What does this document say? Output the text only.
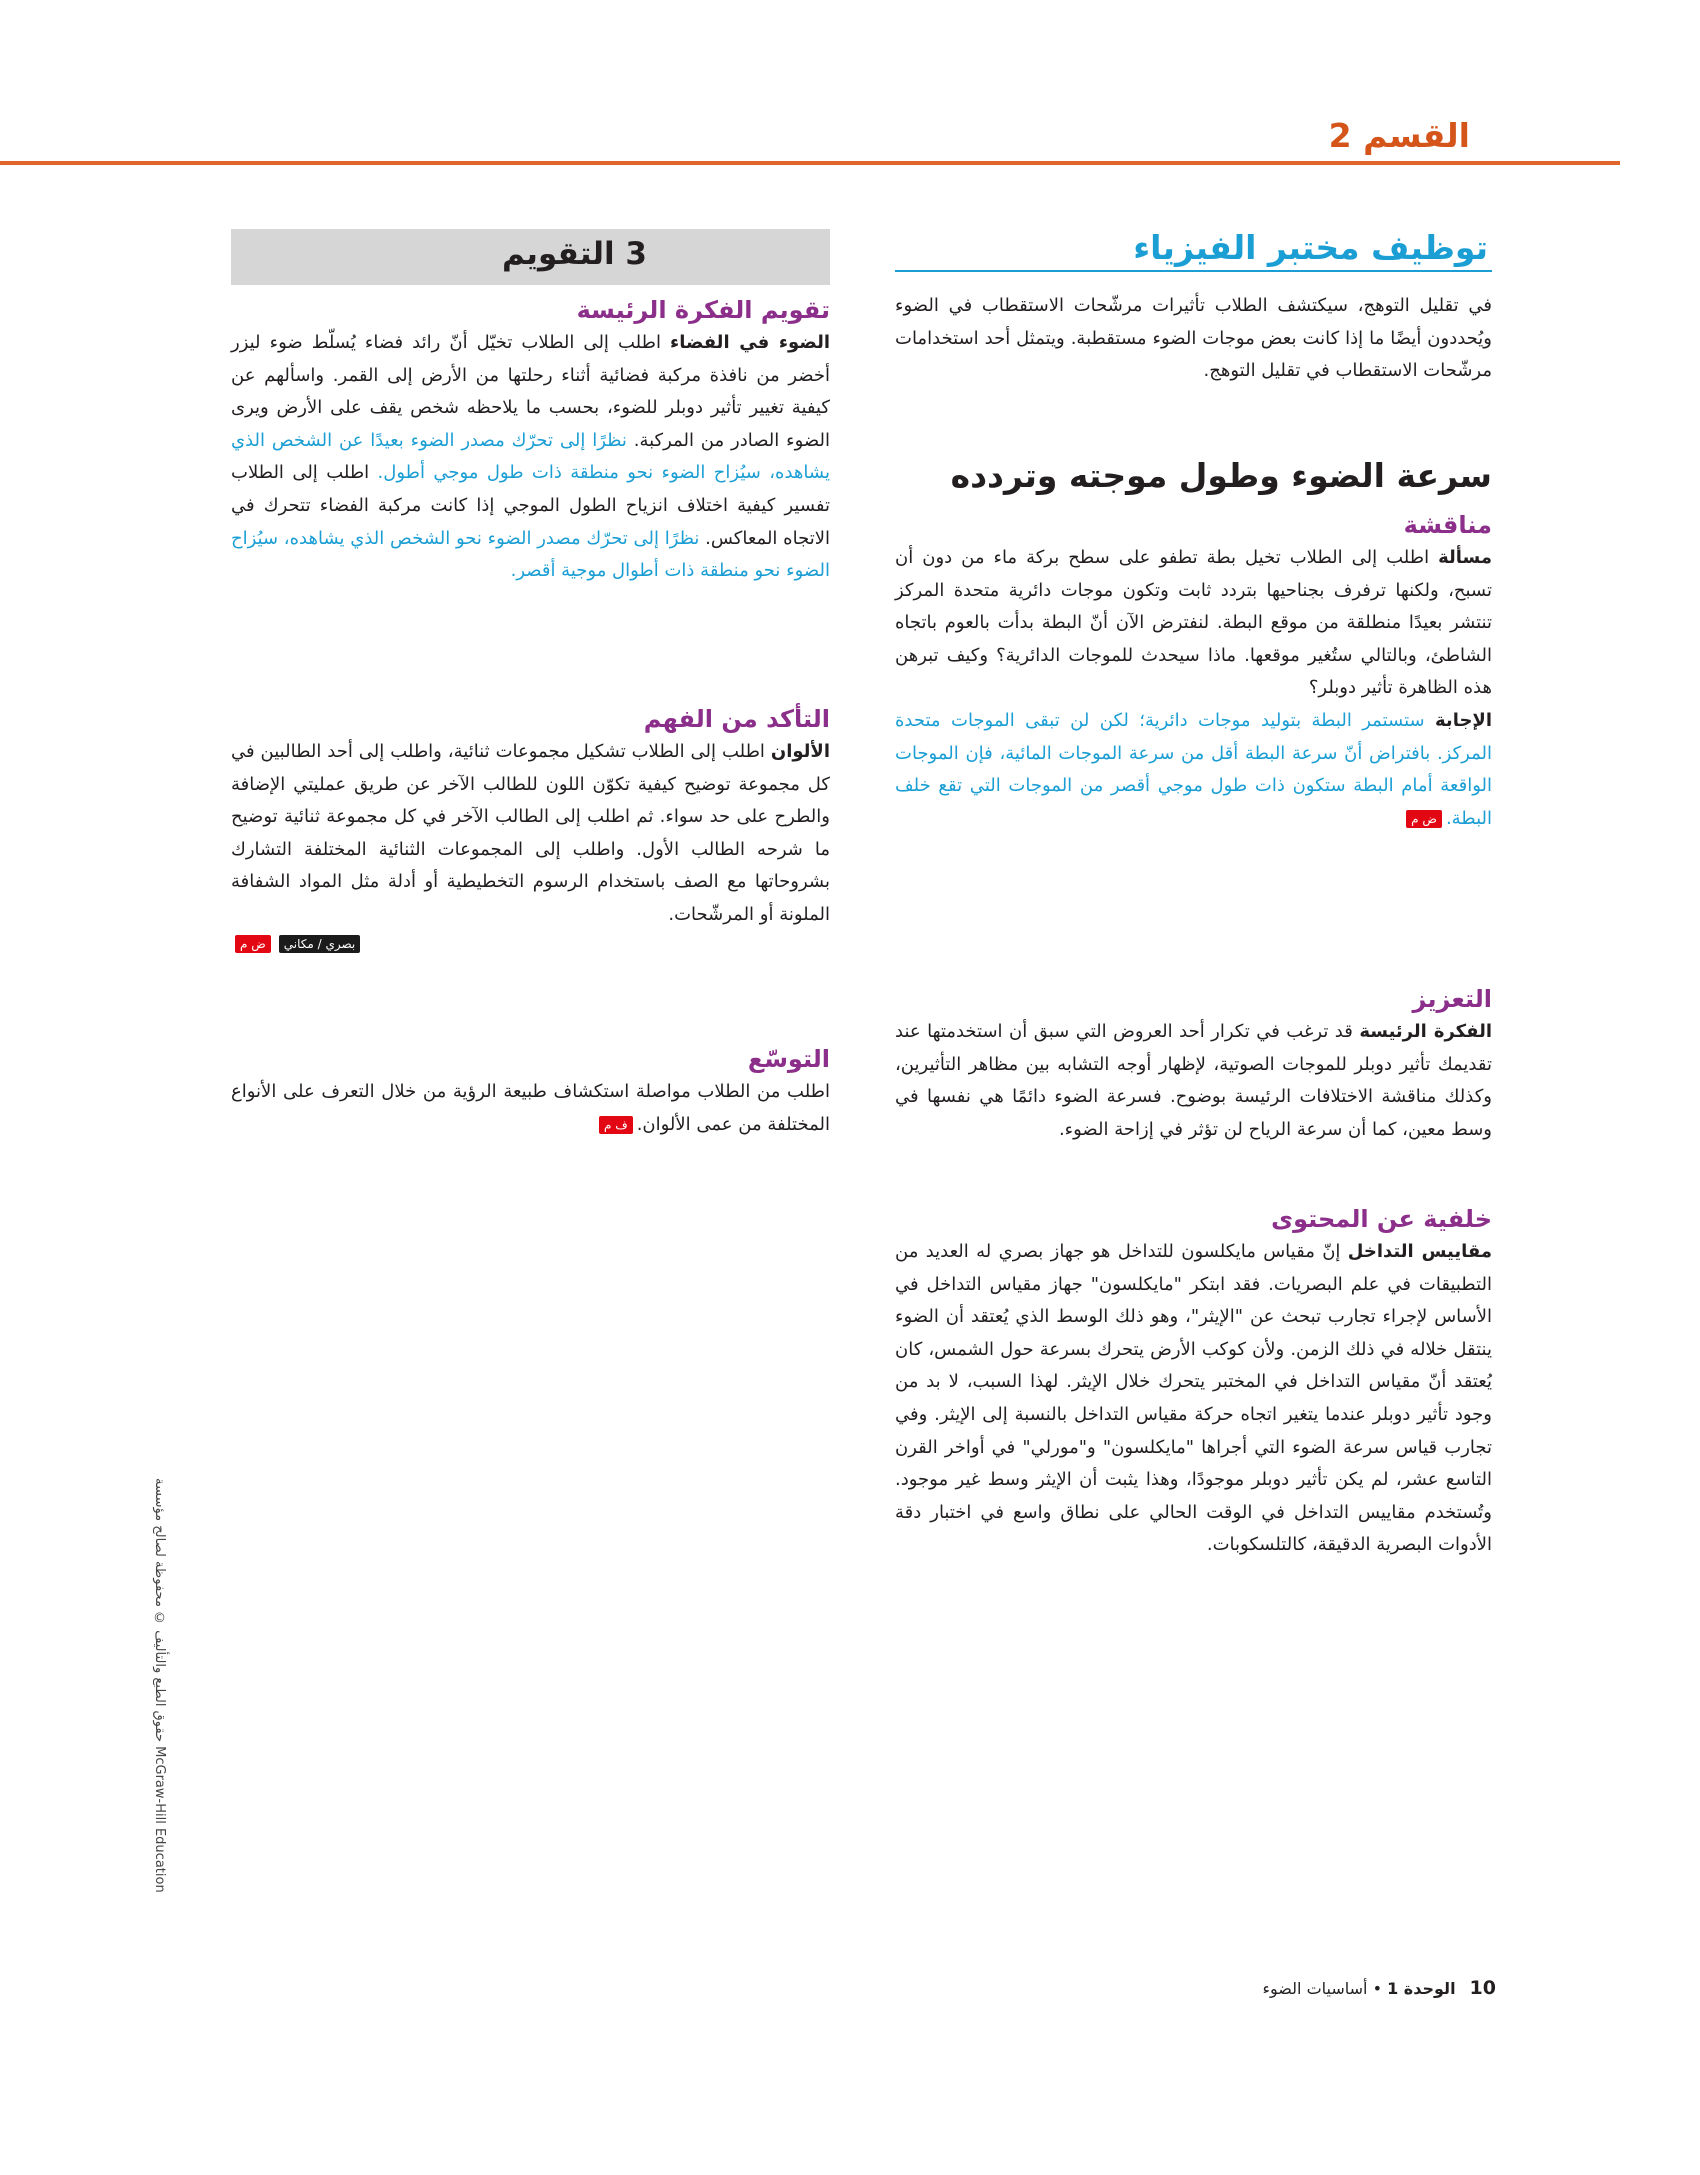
القسم 2
3 التقويم
تقويم الفكرة الرئيسة

الضوء في الفضاء اطلب إلى الطلاب تخيّل أنّ رائد فضاء يُسلّط ضوء ليزر أخضر من نافذة مركبة فضائية أثناء رحلتها من الأرض إلى القمر. واسألهم عن كيفية تغيير تأثير دوبلر للضوء، بحسب ما يلاحظه شخص يقف على الأرض ويرى الضوء الصادر من المركبة. نظرًا إلى تحرّك مصدر الضوء بعيدًا عن الشخص الذي يشاهده، سيُزاح الضوء نحو منطقة ذات طول موجي أطول. اطلب إلى الطلاب تفسير كيفية اختلاف انزياح الطول الموجي إذا كانت مركبة الفضاء تتحرك في الاتجاه المعاكس. نظرًا إلى تحرّك مصدر الضوء نحو الشخص الذي يشاهده، سيُزاح الضوء نحو منطقة ذات أطوال موجية أقصر.

التأكد من الفهم

الألوان اطلب إلى الطلاب تشكيل مجموعات ثنائية، واطلب إلى أحد الطالبين في كل مجموعة توضيح كيفية تكوّن اللون للطالب الآخر عن طريق عمليتي الإضافة والطرح على حد سواء. ثم اطلب إلى الطالب الآخر في كل مجموعة ثنائية توضيح ما شرحه الطالب الأول. واطلب إلى المجموعات الثنائية المختلفة التشارك بشروحاتها مع الصف باستخدام الرسوم التخطيطية أو أدلة مثل المواد الشفافة الملونة أو المرشّحات.

ض م بصري / مكاني
التوسّع

اطلب من الطلاب مواصلة استكشاف طبيعة الرؤية من خلال التعرف على الأنواع المختلفة من عمى الألوان.ف م

توظيف مختبر الفيزياء

في تقليل التوهج، سيكتشف الطلاب تأثيرات مرشّحات الاستقطاب في الضوء ويُحددون أيضًا ما إذا كانت بعض موجات الضوء مستقطبة. ويتمثل أحد استخدامات مرشّحات الاستقطاب في تقليل التوهج.

سرعة الضوء وطول موجته وتردده
مناقشة

مسألة اطلب إلى الطلاب تخيل بطة تطفو على سطح بركة ماء من دون أن تسبح، ولكنها ترفرف بجناحيها بتردد ثابت وتكون موجات دائرية متحدة المركز تنتشر بعيدًا منطلقة من موقع البطة. لنفترض الآن أنّ البطة بدأت بالعوم باتجاه الشاطئ، وبالتالي ستُغير موقعها. ماذا سيحدث للموجات الدائرية؟ وكيف تبرهن هذه الظاهرة تأثير دوبلر؟

الإجابة ستستمر البطة بتوليد موجات دائرية؛ لكن لن تبقى الموجات متحدة المركز. بافتراض أنّ سرعة البطة أقل من سرعة الموجات المائية، فإن الموجات الواقعة أمام البطة ستكون ذات طول موجي أقصر من الموجات التي تقع خلف البطة.ض م

التعزيز

الفكرة الرئيسة قد ترغب في تكرار أحد العروض التي سبق أن استخدمتها عند تقديمك تأثير دوبلر للموجات الصوتية، لإظهار أوجه التشابه بين مظاهر التأثيرين، وكذلك مناقشة الاختلافات الرئيسة بوضوح. فسرعة الضوء دائمًا هي نفسها في وسط معين، كما أن سرعة الرياح لن تؤثر في إزاحة الضوء.

خلفية عن المحتوى

مقاييس التداخل إنّ مقياس مايكلسون للتداخل هو جهاز بصري له العديد من التطبيقات في علم البصريات. فقد ابتكر "مايكلسون" جهاز مقياس التداخل في الأساس لإجراء تجارب تبحث عن "الإيثر"، وهو ذلك الوسط الذي يُعتقد أن الضوء ينتقل خلاله في ذلك الزمن. ولأن كوكب الأرض يتحرك بسرعة حول الشمس، كان يُعتقد أنّ مقياس التداخل في المختبر يتحرك خلال الإيثر. لهذا السبب، لا بد من وجود تأثير دوبلر عندما يتغير اتجاه حركة مقياس التداخل بالنسبة إلى الإيثر. وفي تجارب قياس سرعة الضوء التي أجراها "مايكلسون" و"مورلي" في أواخر القرن التاسع عشر، لم يكن تأثير دوبلر موجودًا، وهذا يثبت أن الإيثر وسط غير موجود. وتُستخدم مقاييس التداخل في الوقت الحالي على نطاق واسع في اختبار دقة الأدوات البصرية الدقيقة، كالتلسكوبات.

حقوق الطبع والتأليف © محفوظة لصالح مؤسسة McGraw-Hill Education
10الوحدة 1 • أساسيات الضوء
